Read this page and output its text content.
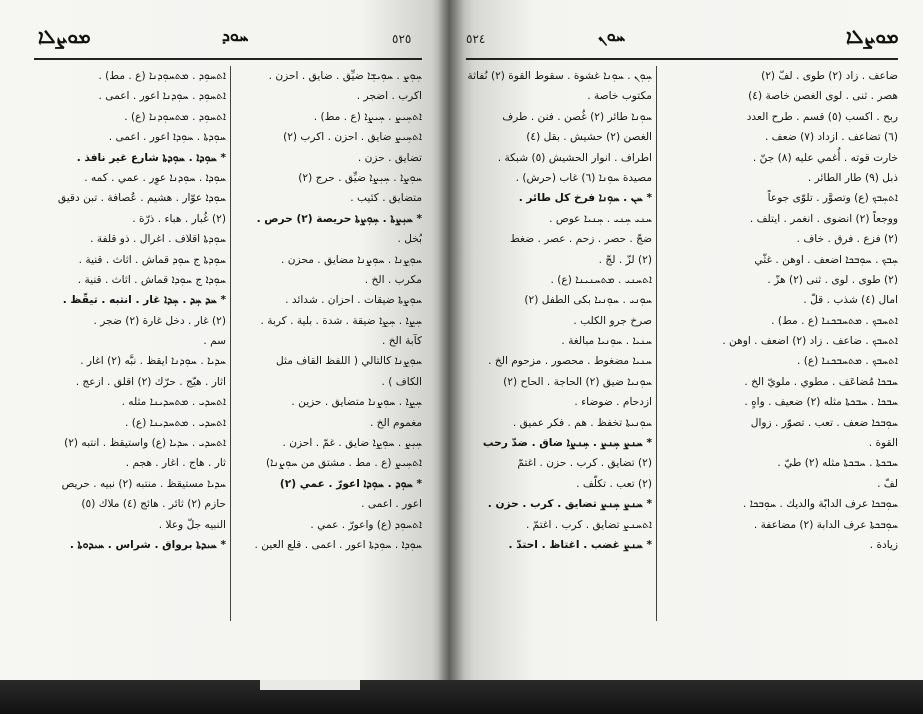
ܡܘܨܠܐ	ܚܘܕ	٥٢٥
ܚܼܘܼܨ . ܚܘܼܝܫܼܐ ضيِّق . ضايق . احزن .
اكرب . اضجر .
ܐܬܚܼܝܨ . ܚܼܝܨܐ (ع . مط) .
ܐܬܚܼܝܨ ضايق . احزن . اكرب (٢)
تضايق . حزن .
ܚܘܼܨܐ . ܚܼܝܼܨܐ ضيِّق . حرج (٢)
متضايق . كئيب .
* ܚܝܼܨܬܐ . ܚܼܘܼܨܬܐ حريصة (٢) حرص .
بُخل .
ܚܘܼܨܼܢܐ . ܚܘܼܨܢܐ مضايق . محزن .
مكرب . الخ .
ܚܘܼܨܬܐ ضيقات . احزان . شدائد .
ܚܼܨܼܐ . ܚܼܨܼܐ ضيقة . شدة . بلية . كربة .
كآبة الخ .
ܚܘܼܨܼܢܐ كالتالي ( اللفظ القاف مثل
الكاف ) .
ܚܼܨܼܐ . ܚܘܼܨܢܐ متضايق . حزين .
مغموم الخ .
ܚܼܝܼܨ . ܚܘܼܨܼܐ ضايق . غمّ . احزن .
ܐܬܚܼܝܨ (ع . مط . مشتق من ܚܘܼܨܢܐ)
* ܚܘܼܕ . ܚܘܼܕܐ اعورّ . عمي (٢)
اعور . اعمى .
ܐܬܚܘܼܕ (ع) واعورّ . عمي .
ܚܘܼܕܐ . ܚܘܼܕܬܐ اعور . اعمى . قلع العين .
ܐܬܚܘܼܕ . ܡܬܚܘܼܕܢܐ (ع . مط) .
ܐܬܚܘܼܕ . ܚܘܼܕܢܐ اعور . اعمى .
ܐܬܚܘܼܕ . ܡܬܚܘܼܕܢܐ (ع) .
ܚܘܼܕܬܐ . ܚܘܼܕܐ اعور . اعمى .
* ܚܘܼܕܐ . ܚܘܼܕܬܐ شارع غير نافذ .
ܚܘܼܕܐ . ܚܘܼܕܢܐ عوِر . عمي . كمه .
ܚܘܼܕܐ عوّار . هشيم . عُصافة . تبن دقيق
(٢) غُبار . هباء . ذرّة .
ܚܘܼܕܬܐ اقلاف . اغرال . ذو قلفة .
ܚܘܼܕܬܐ ج ܚܘܼܕ قماش . اثاث . قنية .
ܚܘܼܕܐ ج ܚܘܼܕܐ قماش . اثاث . قنية .
* ܚܕ ܚܼܕ . ܚܼܕܐ غار . انتبه . تيقّظ .
(٢) غار . دخل غارة (٢) ضجر .
سم .
ܚܕܝܐ . ܚܘܼܕܢܐ ايقظ . نبَّه (٢) اغار .
اثار . هيّج . حرّك (٢) اقلق . ازعج .
ܐܬܚܕܝ . ܡܬܚܕܝܢܐ مثله .
ܐܬܚܕܝ . ܡܬܚܕܝܢܐ (ع) .
ܐܬܚܕܝ . ܚܕܝܐ (ع) واستيقظ . انتبه (٢)
ثار . هاج . اغار . هجم .
ܚܕܝܐ مستيقظ . منتبه (٢) نبيه . حريص
حازم (٢) ثائر . هائج (٤) ملاك (٥)
النبيه جلّ وعلا .
* ܚܝܕܬܐ برواق . شراس . ܚܝܕܘܬܐ .
ܡܘܨܠܐ
ܚܘܢ
٥٢٤
ضاعف . زاد (٢) طوى . لفّ (٢)
هصر . ثنى . لوى الغصن خاصة (٤)
ربح . اكسب (٥) قسم . طرح العدد
(٦) تضاعف . ازداد (٧) ضعف .
خارت قوته . أُغمي عليه (٨) جنّ .
ذبل (٩) طار الطائر .
ܐܬܚܼܒܟ (ع) وتصوَّر . تلوّى جوعاً
ووجعاً (٢) انضوى . انغمر . ايتلف .
(٢) فزع . فرق . خاف .
ܚܼܒܟ . ܚܘܼܒܟܐ اضعف . اوهن . غثّي
(٢) طوى . لوى . ثنى (٢) هزّ .
امال (٤) شذب . قلّ .
ܐܬܚܒܟ . ܡܬܚܒܟܢܐ (ع . مط) .
ܐܬܚܒܟ . ضاعف . زاد (٢) اضعف . اوهن .
ܐܬܚܒܟ . ܡܬܚܒܟܢܐ (ع) .
ܚܒܟܐ مُضاعَف . مطوي . ملويّ الخ .
ܚܒܟܐ . ܚܒܟܬܐ مثله (٢) ضعيف . واهٍ .
ܚܘܼܒܟܐ ضعف . تعب . تصوّر . زوال
القوة .
ܚܒܟܬܐ . ܚܒܟܬܐ مثله (٢) طيّ .
لفّ .
ܚܘܼܒܟܐ عرف الدابّة والديك . ܚܘܼܒܟܐ .
ܚܘܼܒܟܬܐ عرف الدابة (٢) مضاعفة .
زيادة .
ܚܼܘܼܢ . ܚܘܼܢܐ غشوة . سقوط القوة (٢) نُفاثة
مكتوب خاصة .
ܚܘܼܢܐ طائر (٢) غُصن . فنن . طرف
الغصن (٢) حشيش . بقل (٤)
اطراف . انوار الحشيش (٥) شبكة .
مصيدة ܚܘܼܢܐ (٦) غاب (حرش) .
* ܚܢ . ܚܘܼܢܐ فرخ كل طائر .
ܚܢܝ ܚܼܢܝ . ܚܼܢܝܐ عوص .
ضجّ . حصر . زحم . عصر . ضغط
(٢) لزّ . لجّ .
ܐܬܚܢܝ . ܡܬܚܢܝܢܐ (ع) .
ܚܘܼܢܝ . ܚܘܼܢܝܐ بكى الطفل (٢)
صرخ جرو الكلب .
ܚܢܝܐ . ܚܘܼܢܝܐ مبالغة .
ܚܢܝܐ مضغوط . محصور . مزحوم الخ .
ܚܘܼܢܝܐ ضيق (٢) الحاجة . الحاح (٢)
ازدحام . ضوضاء .
ܚܘܼܢܝܬܐ تخفظ . هم . فكر عميق .
* ܚܢܨ ܚܼܢܨ . ܚܼܢܨܐ ضاق . ضدّ رحب
(٢) تضايق . كرب . حزن . اغتمّ
(٢) تعب . تكلّف .
* ܚܢܨ ܚܼܢܨ تضايق . كرب . حزن .
ܐܬܚܢܨ تضايق . كرب . اغتمّ .
* ܚܢܨ غضب . اغتاظ . احتدّ .
